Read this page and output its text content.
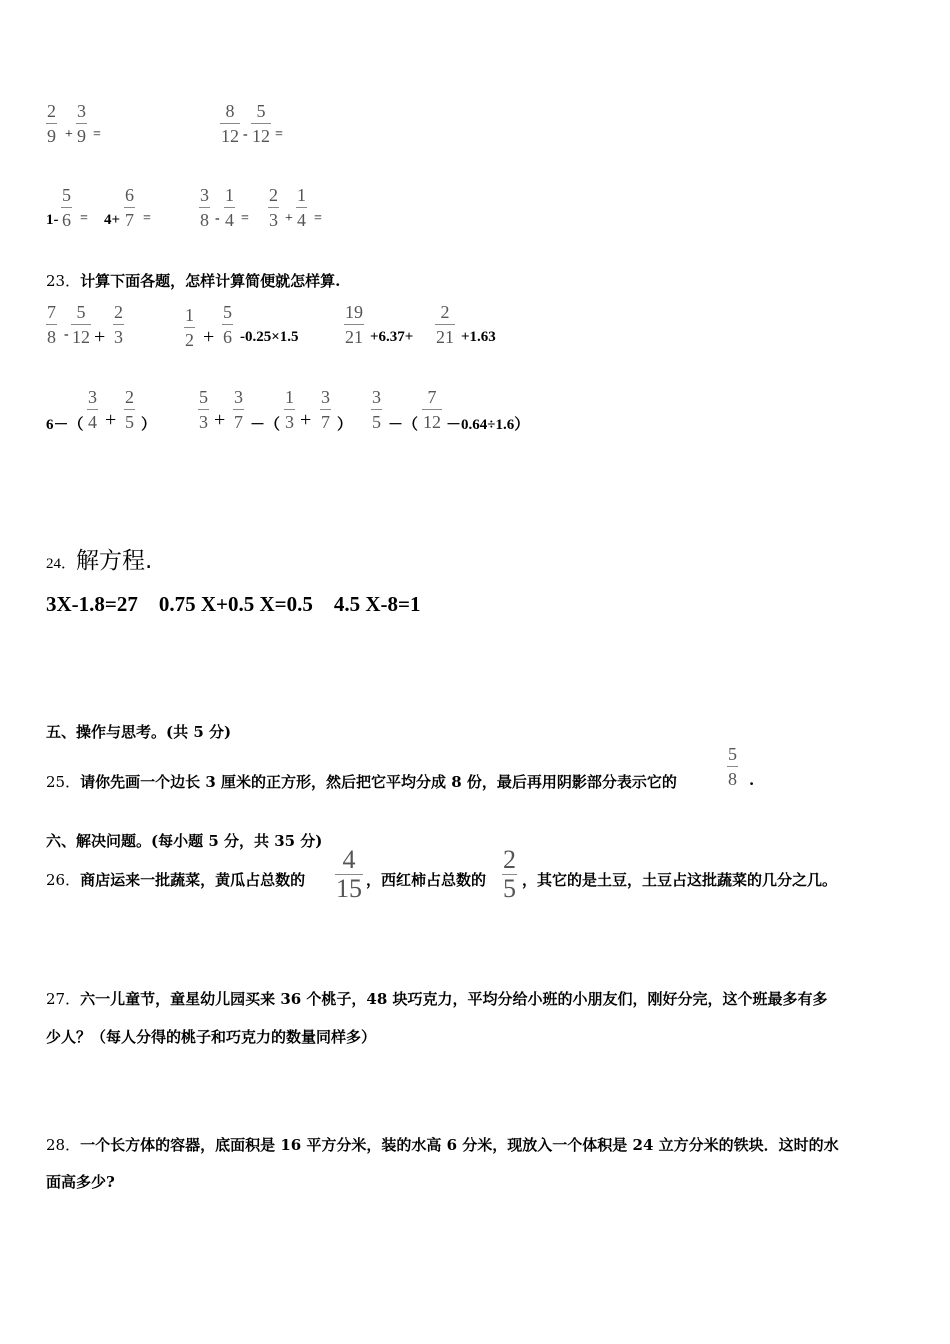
2
9 +
3
9 =
8
12 -
5
12 =
1-
5
6 = 4+
6
7 =
3
8 -
1
4 =
2
3 +
1
4 =
23．计算下面各题，怎样计算简便就怎样算.
7
8 -
5
12 +
2
3
1
2 +
5
6 -0.25×1.5
19
21 +6.37+
2
21 +1.63
6－（
3
4 +
2
5 ）
5
3 +
3
7 －（
1
3 +
3
7 ）
3
5 －（
7
12 －0.64÷1.6）
24．解方程.
3X-1.8=27    0.75 X+0.5 X=0.5    4.5 X-8=1
五、操作与思考。(共 5 分)
25．请你先画一个边长 3 厘米的正方形，然后把它平均分成 8 份，最后再用阴影部分表示它的
5
8 .
六、解决问题。(每小题 5 分，共 35 分)
26．商店运来一批蔬菜，黄瓜占总数的
4
15 ，西红柿占总数的
2
5 ，其它的是土豆，土豆占这批蔬菜的几分之几。
27．六一儿童节，童星幼儿园买来 36 个桃子，48 块巧克力，平均分给小班的小朋友们，刚好分完，这个班最多有多
少人？（每人分得的桃子和巧克力的数量同样多）
28．一个长方体的容器，底面积是 16 平方分米，装的水高 6 分米，现放入一个体积是 24 立方分米的铁块．这时的水
面高多少?
